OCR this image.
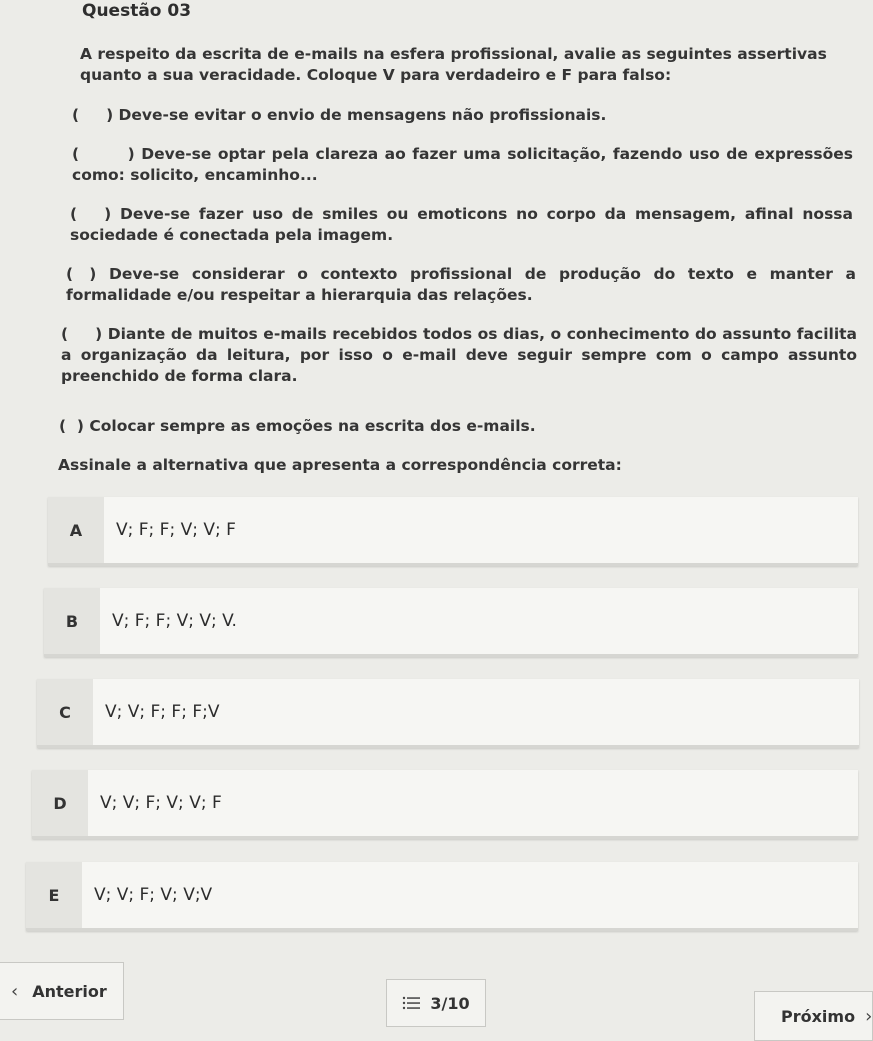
Questão 03

A respeito da escrita de e-mails na esfera profissional, avalie as seguintes assertivas quanto a sua veracidade. Coloque V para verdadeiro e F para falso:

(     ) Deve-se evitar o envio de mensagens não profissionais.

(         ) Deve-se optar pela clareza ao fazer uma solicitação, fazendo uso de expressões como: solicito, encaminho...

(     ) Deve-se fazer uso de smiles ou emoticons no corpo da mensagem, afinal nossa sociedade é conectada pela imagem.

(   ) Deve-se considerar o contexto profissional de produção do texto e manter a formalidade e/ou respeitar a hierarquia das relações.

(     ) Diante de muitos e-mails recebidos todos os dias, o conhecimento do assunto facilita a organização da leitura, por isso o e-mail deve seguir sempre com o campo assunto preenchido de forma clara.

(  ) Colocar sempre as emoções na escrita dos e-mails.

Assinale a alternativa que apresenta a correspondência correta:

A	V; F; F; V; V; F
B	V; F; F; V; V; V.
C	V; V; F; F; F;V
D	V; V; F; V; V; F
E	V; V; F; V; V;V
‹ Anterior
3/10
Próximo ›
